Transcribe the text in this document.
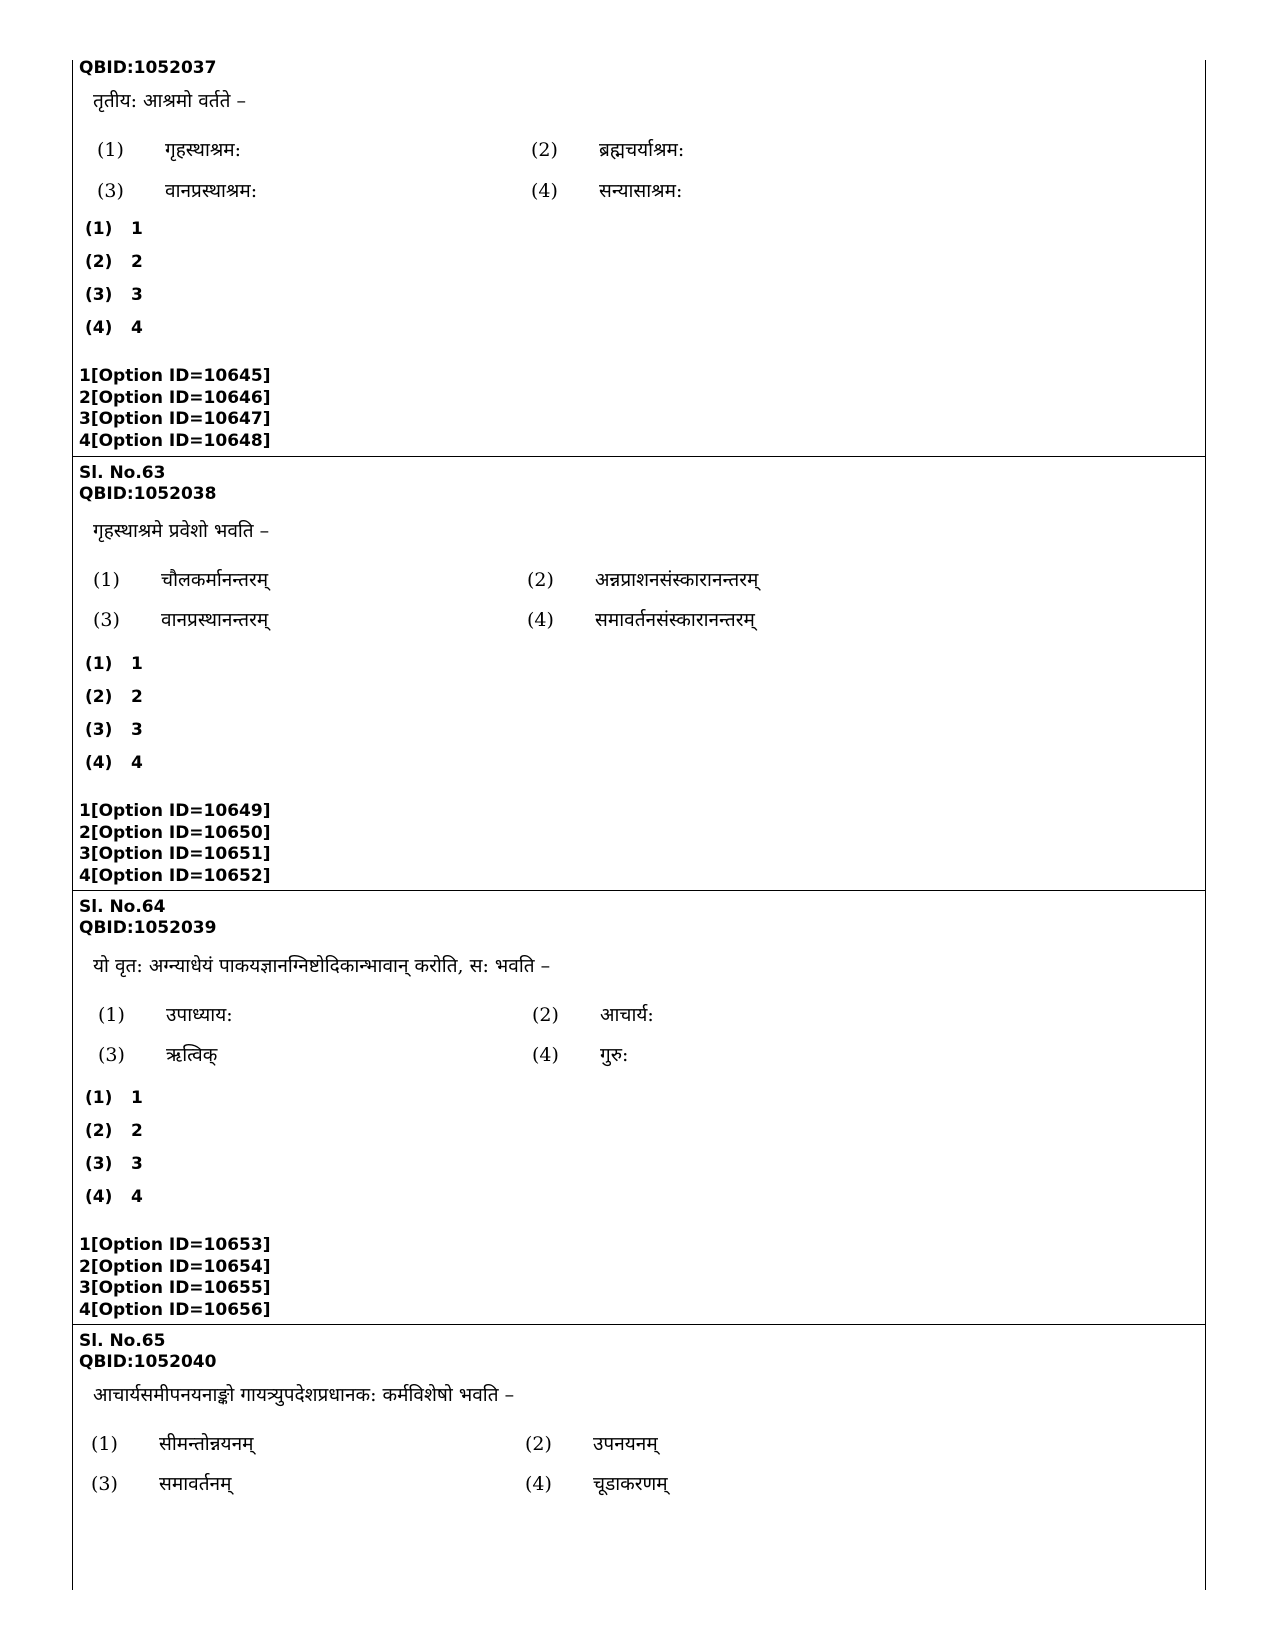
QBID:1052037
तृतीय: आश्रमो वर्तते –
(1) गृहस्थाश्रम:	(2) ब्रह्मचर्याश्रम:
(3) वानप्रस्थाश्रम:	(4) सन्यासाश्रम:
(1) 1
(2) 2
(3) 3
(4) 4
1[Option ID=10645]
2[Option ID=10646]
3[Option ID=10647]
4[Option ID=10648]
Sl. No.63
QBID:1052038
गृहस्थाश्रमे प्रवेशो भवति –
(1) चौलकर्मानन्तरम्	(2) अन्नप्राशनसंस्कारानन्तरम्
(3) वानप्रस्थानन्तरम्	(4) समावर्तनसंस्कारानन्तरम्
(1) 1
(2) 2
(3) 3
(4) 4
1[Option ID=10649]
2[Option ID=10650]
3[Option ID=10651]
4[Option ID=10652]
Sl. No.64
QBID:1052039
यो वृत: अग्न्याधेयं पाकयज्ञानग्निष्टोदिकान्भावान् करोति, स: भवति –
(1) उपाध्याय:	(2) आचार्य:
(3) ऋत्विक्	(4) गुरु:
(1) 1
(2) 2
(3) 3
(4) 4
1[Option ID=10653]
2[Option ID=10654]
3[Option ID=10655]
4[Option ID=10656]
Sl. No.65
QBID:1052040
आचार्यसमीपनयनाङ्को गायत्र्युपदेशप्रधानक: कर्मविशेषो भवति –
(1) सीमन्तोन्नयनम्	(2) उपनयनम्
(3) समावर्तनम्	(4) चूडाकरणम्
